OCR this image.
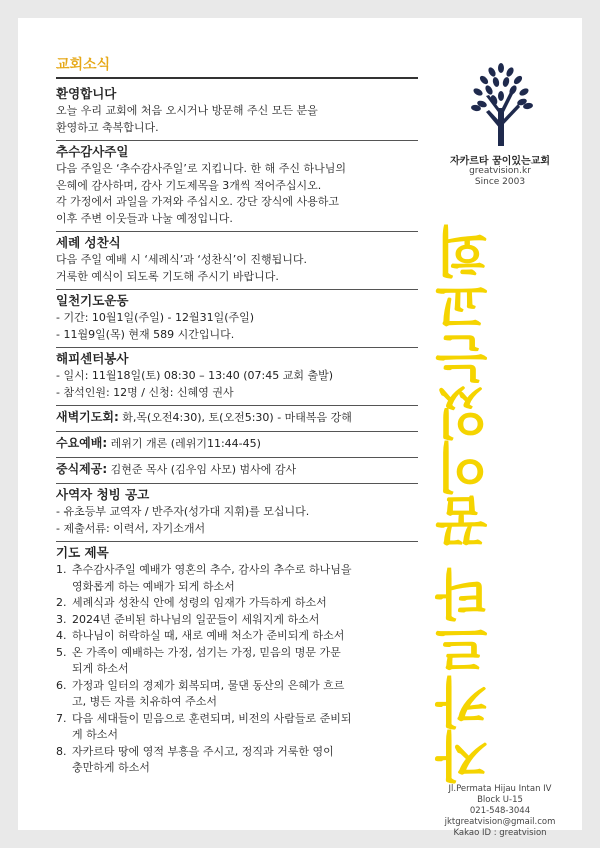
교회소식
환영합니다
오늘 우리 교회에 처음 오시거나 방문해 주신 모든 분을
환영하고 축복합니다.
추수감사주일
다음 주일은 ‘추수감사주일’로 지킵니다. 한 해 주신 하나님의
은혜에 감사하며, 감사 기도제목을 3개씩 적어주십시오.
각 가정에서 과일을 가져와 주십시오. 강단 장식에 사용하고
이후 주변 이웃들과 나눌 예정입니다.
세례 성찬식
다음 주일 예배 시 ‘세례식’과 ‘성찬식’이 진행됩니다.
거룩한 예식이 되도록 기도해 주시기 바랍니다.
일천기도운동
- 기간: 10월1일(주일) - 12월31일(주일)
- 11월9일(목) 현재 589 시간입니다.
해피센터봉사
- 일시: 11월18일(토) 08:30 – 13:40 (07:45 교회 출발)
- 참석인원: 12명 / 신청: 신혜영 권사
새벽기도회: 화,목(오전4:30), 토(오전5:30) - 마태복음 강해
수요예배: 레위기 개론 (레위기11:44-45)
중식제공: 김현준 목사 (김우임 사모) 범사에 감사
사역자 청빙 공고
- 유초등부 교역자 / 반주자(성가대 지휘)를 모십니다.
- 제출서류: 이력서, 자기소개서
기도 제목
1. 추수감사주일 예배가 영혼의 추수, 감사의 추수로 하나님을
영화롭게 하는 예배가 되게 하소서
2. 세례식과 성찬식 안에 성령의 임재가 가득하게 하소서
3. 2024년 준비된 하나님의 일꾼들이 세워지게 하소서
4. 하나님이 허락하실 때, 새로 예배 처소가 준비되게 하소서
5. 온 가족이 예배하는 가정, 섬기는 가정, 믿음의 명문 가문
되게 하소서
6. 가정과 일터의 경제가 회복되며, 물댄 동산의 은혜가 흐르
고, 병든 자를 치유하여 주소서
7. 다음 세대들이 믿음으로 훈련되며, 비전의 사람들로 준비되
게 하소서
8. 자카르타 땅에 영적 부흥을 주시고, 정직과 거룩한 영이
충만하게 하소서
자카르타 꿈이있는교회
greatvision.kr
Since 2003
자카르타 꿈이있는교회
Jl.Permata Hijau Intan IV
Block U-15
021-548-3044
jktgreatvision@gmail.com
Kakao ID : greatvision
